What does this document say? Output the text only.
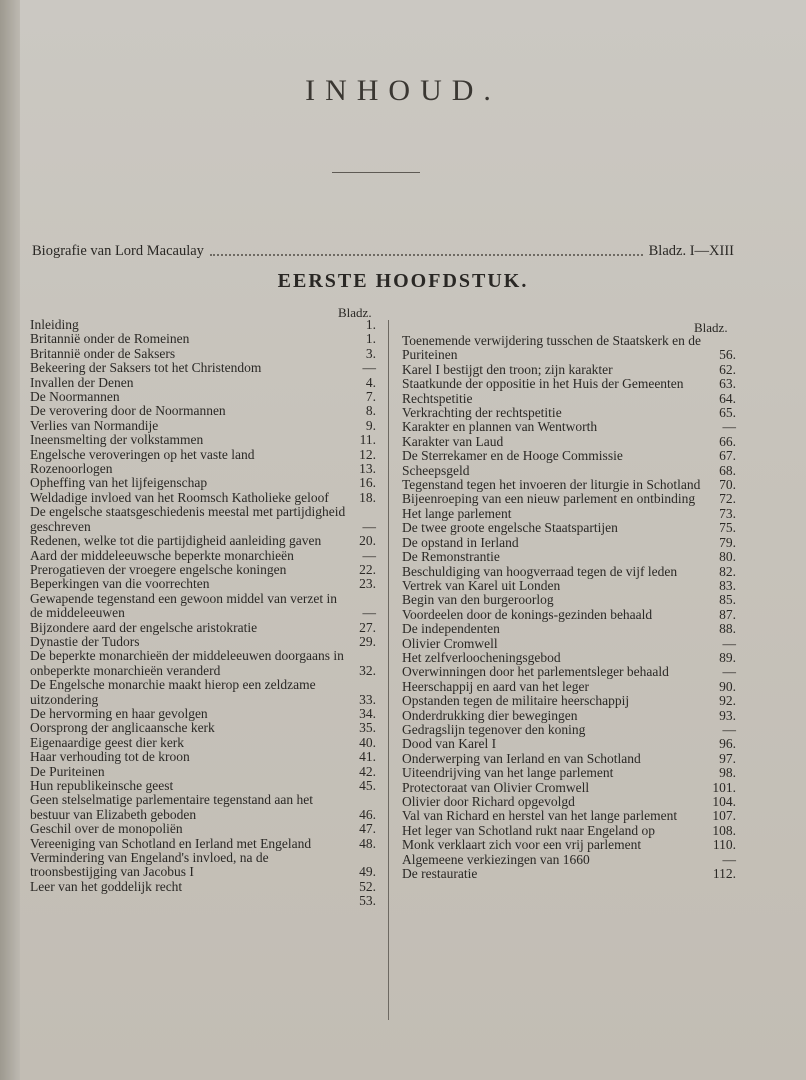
INHOUD.
Biografie van Lord Macaulay	Bladz. I—XIII
EERSTE HOOFDSTUK.
Bladz.
Bladz.
Inleiding	1.
Britannië onder de Romeinen	1.
Britannië onder de Saksers	3.
Bekeering der Saksers tot het Christendom	—
Invallen der Denen	4.
De Noormannen	7.
De verovering door de Noormannen	8.
Verlies van Normandije	9.
Ineensmelting der volkstammen	11.
Engelsche veroveringen op het vaste land	12.
Rozenoorlogen	13.
Opheffing van het lijfeigenschap	16.
Weldadige invloed van het Roomsch Katholieke geloof	18.
De engelsche staatsgeschiedenis meestal met partijdigheid geschreven	—
Redenen, welke tot die partijdigheid aanleiding gaven	20.
Aard der middeleeuwsche beperkte monarchieën	—
Prerogatieven der vroegere engelsche koningen	22.
Beperkingen van die voorrechten	23.
Gewapende tegenstand een gewoon middel van verzet in de middeleeuwen	—
Bijzondere aard der engelsche aristokratie	27.
Dynastie der Tudors	29.
De beperkte monarchieën der middeleeuwen doorgaans in onbeperkte monarchieën veranderd	32.
De Engelsche monarchie maakt hierop een zeldzame uitzondering	33.
De hervorming en haar gevolgen	34.
Oorsprong der anglicaansche kerk	35.
Eigenaardige geest dier kerk	40.
Haar verhouding tot de kroon	41.
De Puriteinen	42.
Hun republikeinsche geest	45.
Geen stelselmatige parlementaire tegenstand aan het bestuur van Elizabeth geboden	46.
Geschil over de monopoliën	47.
Vereeniging van Schotland en Ierland met Engeland	48.
Vermindering van Engeland's invloed, na de troonsbestijging van Jacobus I	49.
Leer van het goddelijk recht	52.
53.
Toenemende verwijdering tusschen de Staatskerk en de Puriteinen	56.
Karel I bestijgt den troon; zijn karakter	62.
Staatkunde der oppositie in het Huis der Gemeenten	63.
Rechtspetitie	64.
Verkrachting der rechtspetitie	65.
Karakter en plannen van Wentworth	—
Karakter van Laud	66.
De Sterrekamer en de Hooge Commissie	67.
Scheepsgeld	68.
Tegenstand tegen het invoeren der liturgie in Schotland	70.
Bijeenroeping van een nieuw parlement en ontbinding	72.
Het lange parlement	73.
De twee groote engelsche Staatspartijen	75.
De opstand in Ierland	79.
De Remonstrantie	80.
Beschuldiging van hoogverraad tegen de vijf leden	82.
Vertrek van Karel uit Londen	83.
Begin van den burgeroorlog	85.
Voordeelen door de konings-gezinden behaald	87.
De independenten	88.
Olivier Cromwell	—
Het zelfverloocheningsgebod	89.
Overwinningen door het parlementsleger behaald	—
Heerschappij en aard van het leger	90.
Opstanden tegen de militaire heerschappij	92.
Onderdrukking dier bewegingen	93.
Gedragslijn tegenover den koning	—
Dood van Karel I	96.
Onderwerping van Ierland en van Schotland	97.
Uiteendrijving van het lange parlement	98.
Protectoraat van Olivier Cromwell	101.
Olivier door Richard opgevolgd	104.
Val van Richard en herstel van het lange parlement	107.
Het leger van Schotland rukt naar Engeland op	108.
Monk verklaart zich voor een vrij parlement	110.
Algemeene verkiezingen van 1660	—
De restauratie	112.
